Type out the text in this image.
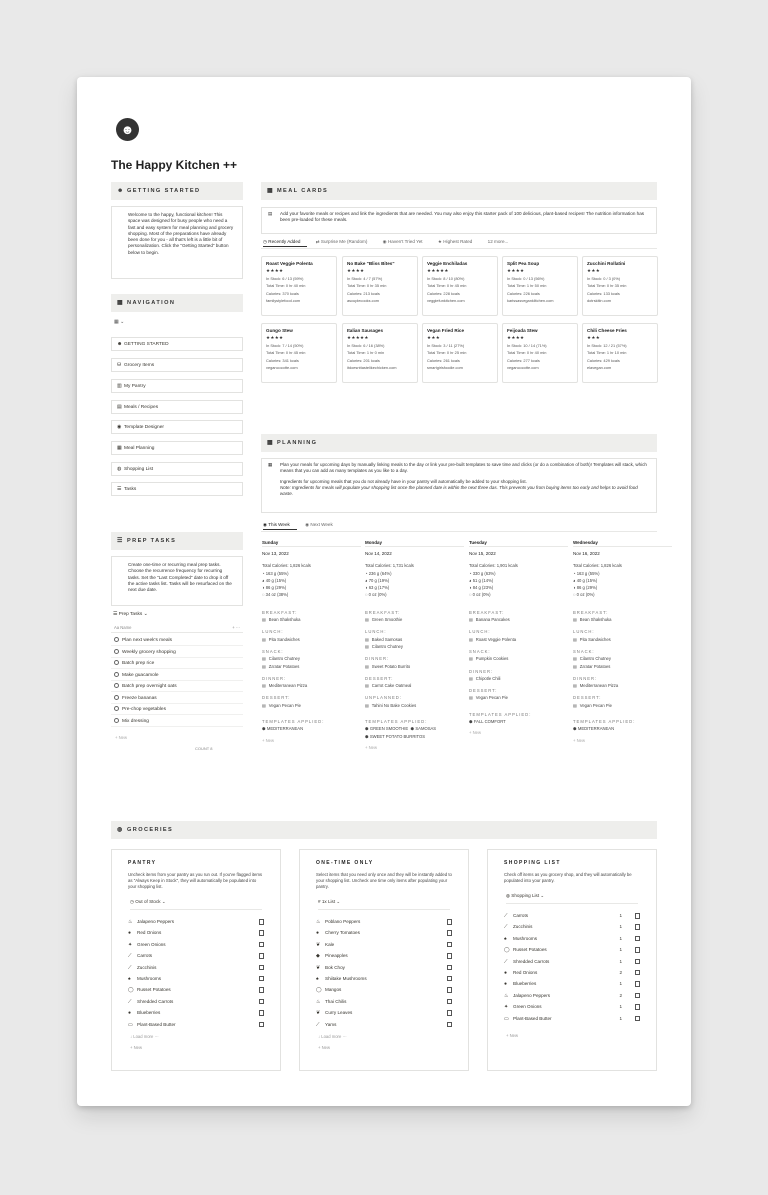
☻
The Happy Kitchen ++
☻ GETTING STARTED
Welcome to the happy, functional kitchen! This space was designed for busy people who need a fast and easy system for meal planning and grocery shopping. Most of the preparations have already been done for you - all that's left is a little bit of personalization. Click the "Getting Started" button below to begin.
▦ NAVIGATION
▦ ⌄
☻ GETTING STARTED
⛁ Grocery Items
▥ My Pantry
▤ Meals / Recipes
◉ Template Designer
▦ Meal Planning
◍ Shopping List
☰ Tasks
☰ PREP TASKS
Create one-time or recurring meal prep tasks. Choose the recurrence frequency for recurring tasks. Set the "Last Completed" date to drop it off the active tasks list. Tasks will be resurfaced on the next due date.
☰ Prep Tasks ⌄
Aa Name	+ ···
Plan next week's meals
Weekly grocery shopping
Batch prep rice
Make guacamole
Batch prep overnight oats
Freeze bananas
Pre-chop vegetables
Mix dressing
+ New
COUNT 8
▦ MEAL CARDS
▤ Add your favorite meals or recipes and link the ingredients that are needed. You may also enjoy this starter pack of 100 delicious, plant-based recipes! The nutrition information has been pre-loaded for these meals.
◷ Recently Added	⇄ Surprise Me (Random)	◉ Haven't Tried Yet	★ Highest Rated	12 more...
Roast Veggie Polenta
★★★★
In Stock: 6 / 13 (59%)
Total Time: 0 hr 40 min
Calories: 370 kcals
familystylefood.com
No Bake "Bliss Bites"
★★★★
In Stock: 4 / 7 (57%)
Total Time: 0 hr 35 min
Calories: 213 kcals
ascuplecooks.com
Veggie Enchiladas
★★★★★
In Stock: 8 / 10 (80%)
Total Time: 0 hr 45 min
Calories: 228 kcals
veggiefunkitchen.com
Split Pea Soup
★★★★
In Stock: 0 / 13 (56%)
Total Time: 1 hr 50 min
Calories: 226 kcals
karissasveganklitchen.com
Zucchini Rollatini
★★★
In Stock: 0 / 3 (0%)
Total Time: 0 hr 35 min
Calories: 133 kcals
dotrskitin.com
Gungo Stew
★★★★
In Stock: 7 / 14 (50%)
Total Time: 0 hr 45 min
Calories: 341 kcals
vegancocotte.com
Italian Sausages
★★★★★
In Stock: 6 / 16 (38%)
Total Time: 1 hr 0 min
Calories: 201 kcals
itdoesnttastelikechicken.com
Vegan Fried Rice
★★★
In Stock: 3 / 11 (27%)
Total Time: 0 hr 25 min
Calories: 261 kcals
smartgirlsfoodie.com
Feijoada Stew
★★★★
In Stock: 10 / 14 (71%)
Total Time: 0 hr 40 min
Calories: 277 kcals
vegancocotte.com
Chili Cheese Fries
★★★
In Stock: 12 / 21 (57%)
Total Time: 1 hr 10 min
Calories: 429 kcals
elavegan.com
▦ PLANNING
▦ Plan your meals for upcoming days by manually linking meals to the day or link your pre-built templates to save time and clicks (or do a combination of both)! Templates will stack, which means that you can add as many templates as you like to a day.
Ingredients for upcoming meals that you do not already have in your pantry will automatically be added to your shopping list.
Note: Ingredients for meals will populate your shopping list once the planned date is within the next three das. This prevents you from buying items too early and helps to avoid food waste.
◉ This Week	◉ Next Week
Sunday
Nov 13, 2022
Total Calories: 1,826 kcals
◔ 163 g (55%)
◕ 40 g (15%)
◑ 86 g (29%)
◌ 34 oz (38%)
BREAKFAST:
▤ Bean Shakshuka
LUNCH:
▤ Pita Sandwiches
SNACK:
▤ Cilantro Chutney
▤ Za'atar Potatoes
DINNER:
▤ Mediterranean Pizza
DESSERT:
▤ Vegan Pecan Pie
TEMPLATES APPLIED:
⬢ MEDITERRANEAN
+ New
Monday
Nov 14, 2022
Total Calories: 1,731 kcals
◔ 236 g (64%)
◕ 70 g (19%)
◑ 63 g (17%)
◌ 0 oz (0%)
BREAKFAST:
▤ Green Smoothie
LUNCH:
▤ Baked Samosas
▤ Cilantro Chutney
DINNER:
▤ Sweet Potato Burrito
DESSERT:
▤ Carrot Cake Oatmeal
UNPLANNED:
▤ Tahini No Bake Cookies
TEMPLATES APPLIED:
⬢ GREEN SMOOTHIE  ⬢ SAMOSAS
⬢ SWEET POTATO BURRITOS
+ New
Tuesday
Nov 15, 2022
Total Calories: 1,901 kcals
◔ 330 g (63%)
◕ 51 g (14%)
◑ 84 g (23%)
◌ 0 oz (0%)
BREAKFAST:
▤ Banana Pancakes
LUNCH:
▤ Roast Veggie Polenta
SNACK:
▤ Pumpkin Cookies
DINNER:
▤ Chipotle Chili
DESSERT:
▤ Vegan Pecan Pie
TEMPLATES APPLIED:
⬢ FALL COMFORT
+ New
Wednesday
Nov 16, 2022
Total Calories: 1,826 kcals
◔ 163 g (55%)
◕ 40 g (15%)
◑ 86 g (29%)
◌ 0 oz (0%)
BREAKFAST:
▤ Bean Shakshuka
LUNCH:
▤ Pita Sandwiches
SNACK:
▤ Cilantro Chutney
▤ Za'atar Potatoes
DINNER:
▤ Mediterranean Pizza
DESSERT:
▤ Vegan Pecan Pie
TEMPLATES APPLIED:
⬢ MEDITERRANEAN
+ New
◍ GROCERIES
PANTRY
Uncheck items from your pantry as you run out. If you've flagged items as "Always Keep in Stock", they will automatically be populated into your shopping list.
◷ Out of Stock ⌄
♨ Jalapeno Peppers
● Red Onions
✦ Green Onions
⟋ Carrots
⟋ Zucchinis
♠ Mushrooms
◯ Russet Potatoes
⟋ Shredded Carrots
● Blueberries
▭ Plant-Based Butter
↓ Load more ···
+ New
ONE-TIME ONLY
Select items that you need only once and they will be instantly added to your shopping list. Uncheck one time only items after populating your pantry.
# 1x List ⌄
♨ Poblano Peppers
● Cherry Tomatoes
❦ Kale
◆ Pineapples
❦ Bok Choy
♠ Shiitake Mushrooms
◯ Mangos
♨ Thai Chilis
❦ Curry Leaves
⟋ Yams
↓ Load more ···
+ New
SHOPPING LIST
Check off items as you grocery shop, and they will automatically be populated into your pantry.
◍ Shopping List ⌄
⟋ Carrots	1
⟋ Zucchinis	1
♠ Mushrooms	1
◯ Russet Potatoes	1
⟋ Shredded Carrots	1
● Red Onions	2
● Blueberries	1
♨ Jalapeno Peppers	2
✦ Green Onions	1
▭ Plant-Based Butter	1
+ New
